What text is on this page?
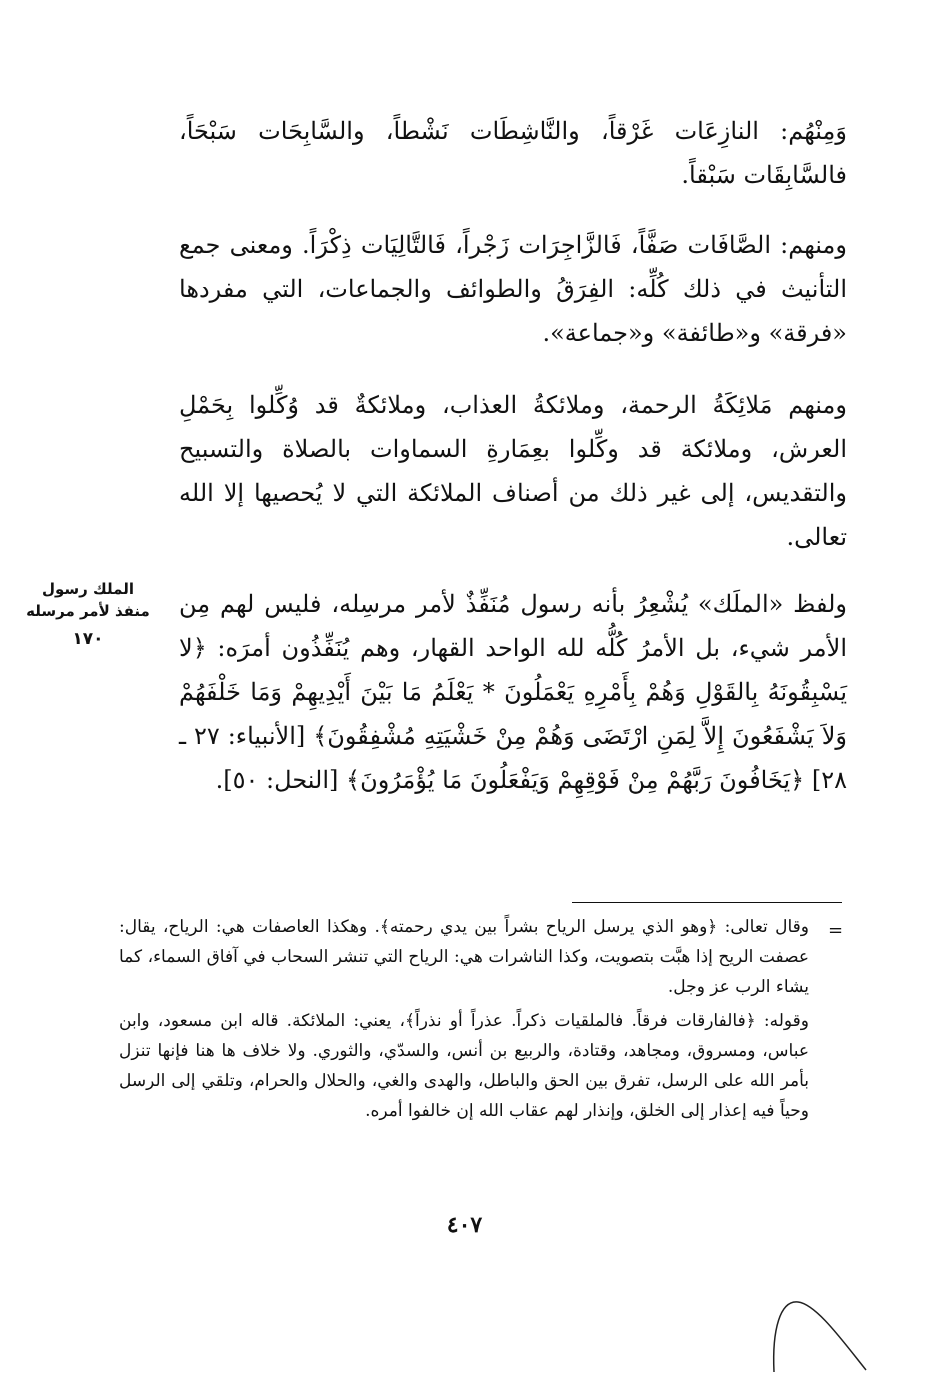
وَمِنْهُم: النازِعَات غَرْقاً، والنَّاشِطَات نَشْطاً، والسَّابِحَات سَبْحَاً، فالسَّابِقَات سَبْقاً.

ومنهم: الصَّافَات صَفَّاً، فَالزَّاجِرَات زَجْراً، فَالتَّالِيَات ذِكْرَاً. ومعنى جمع التأنيث في ذلك كُلِّه: الفِرَقُ والطوائف والجماعات، التي مفردها «فرقة» و«طائفة» و«جماعة».

ومنهم مَلائِكَةُ الرحمة، وملائكةُ العذاب، وملائكةٌ قد وُكِّلوا بِحَمْلِ العرش، وملائكة قد وكِّلوا بعِمَارةِ السماوات بالصلاة والتسبيح والتقديس، إلى غير ذلك من أصناف الملائكة التي لا يُحصيها إلا الله تعالى.

ولفظ «الملَك» يُشْعِرُ بأنه رسول مُنَفِّذٌ لأمر مرسِله، فليس لهم مِن الأمر شيء، بل الأمرُ كُلُّه لله الواحد القهار، وهم يُنَفِّذُون أمرَه: ﴿لا يَسْبِقُونَهُ بِالقَوْلِ وَهُمْ بِأَمْرِهِ يَعْمَلُونَ * يَعْلَمُ مَا بَيْنَ أَيْدِيهِمْ وَمَا خَلْفَهُمْ وَلاَ يَشْفَعُونَ إِلاَّ لِمَنِ ارْتَضَى وَهُمْ مِنْ خَشْيَتِهِ مُشْفِقُونَ﴾ [الأنبياء: ٢٧ ـ ٢٨] ﴿يَخَافُونَ رَبَّهُمْ مِنْ فَوْقِهِمْ وَيَفْعَلُونَ مَا يُؤْمَرُونَ﴾ [النحل: ٥٠].

الملك رسول منفذ لأمر مرسله
١٧٠
=

وقال تعالى: ﴿وهو الذي يرسل الرياح بشراً بين يدي رحمته﴾. وهكذا العاصفات هي: الرياح، يقال: عصفت الريح إذا هبَّت بتصويت، وكذا الناشرات هي: الرياح التي تنشر السحاب في آفاق السماء، كما يشاء الرب عز وجل.

وقوله: ﴿فالفارقات فرقاً. فالملقيات ذكراً. عذراً أو نذراً﴾، يعني: الملائكة. قاله ابن مسعود، وابن عباس، ومسروق، ومجاهد، وقتادة، والربيع بن أنس، والسدّي، والثوري. ولا خلاف ها هنا فإنها تنزل بأمر الله على الرسل، تفرق بين الحق والباطل، والهدى والغي، والحلال والحرام، وتلقي إلى الرسل وحياً فيه إعذار إلى الخلق، وإنذار لهم عقاب الله إن خالفوا أمره.

٤٠٧
